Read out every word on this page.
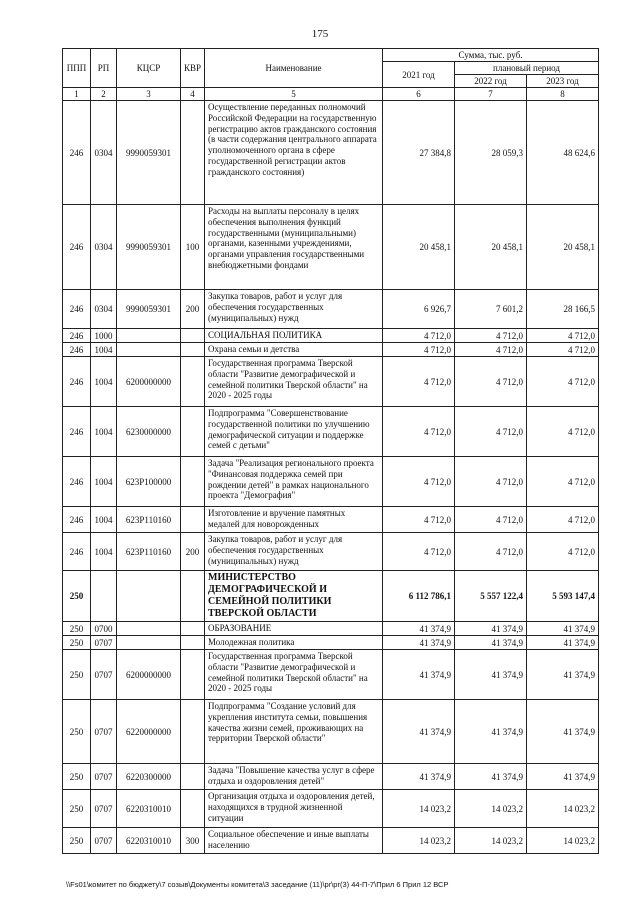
175
ППП	РП	КЦСР	КВР	Наименование	Сумма, тыс. руб.		
					2021 год	плановый период	
						2022 год	2023 год
1	2	3	4	5	6	7	8
246	0304	9990059301		Осуществление переданных полномочий Российской Федерации на государственную регистрацию актов гражданского состояния (в части содержания центрального аппарата уполномоченного органа в сфере государственной регистрации актов гражданского состояния)	27 384,8	28 059,3	48 624,6
246	0304	9990059301	100	Расходы на выплаты персоналу в целях обеспечения выполнения функций государственными (муниципальными) органами, казенными учреждениями, органами управления государственными внебюджетными фондами	20 458,1	20 458,1	20 458,1
246	0304	9990059301	200	Закупка товаров, работ и услуг для обеспечения государственных (муниципальных) нужд	6 926,7	7 601,2	28 166,5
246	1000			СОЦИАЛЬНАЯ ПОЛИТИКА	4 712,0	4 712,0	4 712,0
246	1004			Охрана семьи и детства	4 712,0	4 712,0	4 712,0
246	1004	6200000000		Государственная программа Тверской области "Развитие демографической и семейной политики Тверской области" на 2020 - 2025 годы	4 712,0	4 712,0	4 712,0
246	1004	6230000000		Подпрограмма "Совершенствование государственной политики по улучшению демографической ситуации и поддержке семей с детьми"	4 712,0	4 712,0	4 712,0
246	1004	623P100000		Задача "Реализация регионального проекта "Финансовая поддержка семей при рождении детей" в рамках национального проекта "Демография"	4 712,0	4 712,0	4 712,0
246	1004	623P110160		Изготовление и вручение памятных медалей для новорожденных	4 712,0	4 712,0	4 712,0
246	1004	623P110160	200	Закупка товаров, работ и услуг для обеспечения государственных (муниципальных) нужд	4 712,0	4 712,0	4 712,0
250				МИНИСТЕРСТВО ДЕМОГРАФИЧЕСКОЙ И СЕМЕЙНОЙ ПОЛИТИКИ ТВЕРСКОЙ ОБЛАСТИ	6 112 786,1	5 557 122,4	5 593 147,4
250	0700			ОБРАЗОВАНИЕ	41 374,9	41 374,9	41 374,9
250	0707			Молодежная политика	41 374,9	41 374,9	41 374,9
250	0707	6200000000		Государственная программа Тверской области "Развитие демографической и семейной политики Тверской области" на 2020 - 2025 годы	41 374,9	41 374,9	41 374,9
250	0707	6220000000		Подпрограмма "Создание условий для укрепления института семьи, повышения качества жизни семей, проживающих на территории Тверской области"	41 374,9	41 374,9	41 374,9
250	0707	6220300000		Задача "Повышение качества услуг в сфере отдыха и оздоровления детей"	41 374,9	41 374,9	41 374,9
250	0707	6220310010		Организация отдыха и оздоровления детей, находящихся в трудной жизненной ситуации	14 023,2	14 023,2	14 023,2
250	0707	6220310010	300	Социальное обеспечение и иные выплаты населению	14 023,2	14 023,2	14 023,2
\\Fs01\комитет по бюджету\7 созыв\Документы комитета\3 заседание (11)\pr\pr(3) 44-П-7\Прил 6 Прил 12 ВСР
